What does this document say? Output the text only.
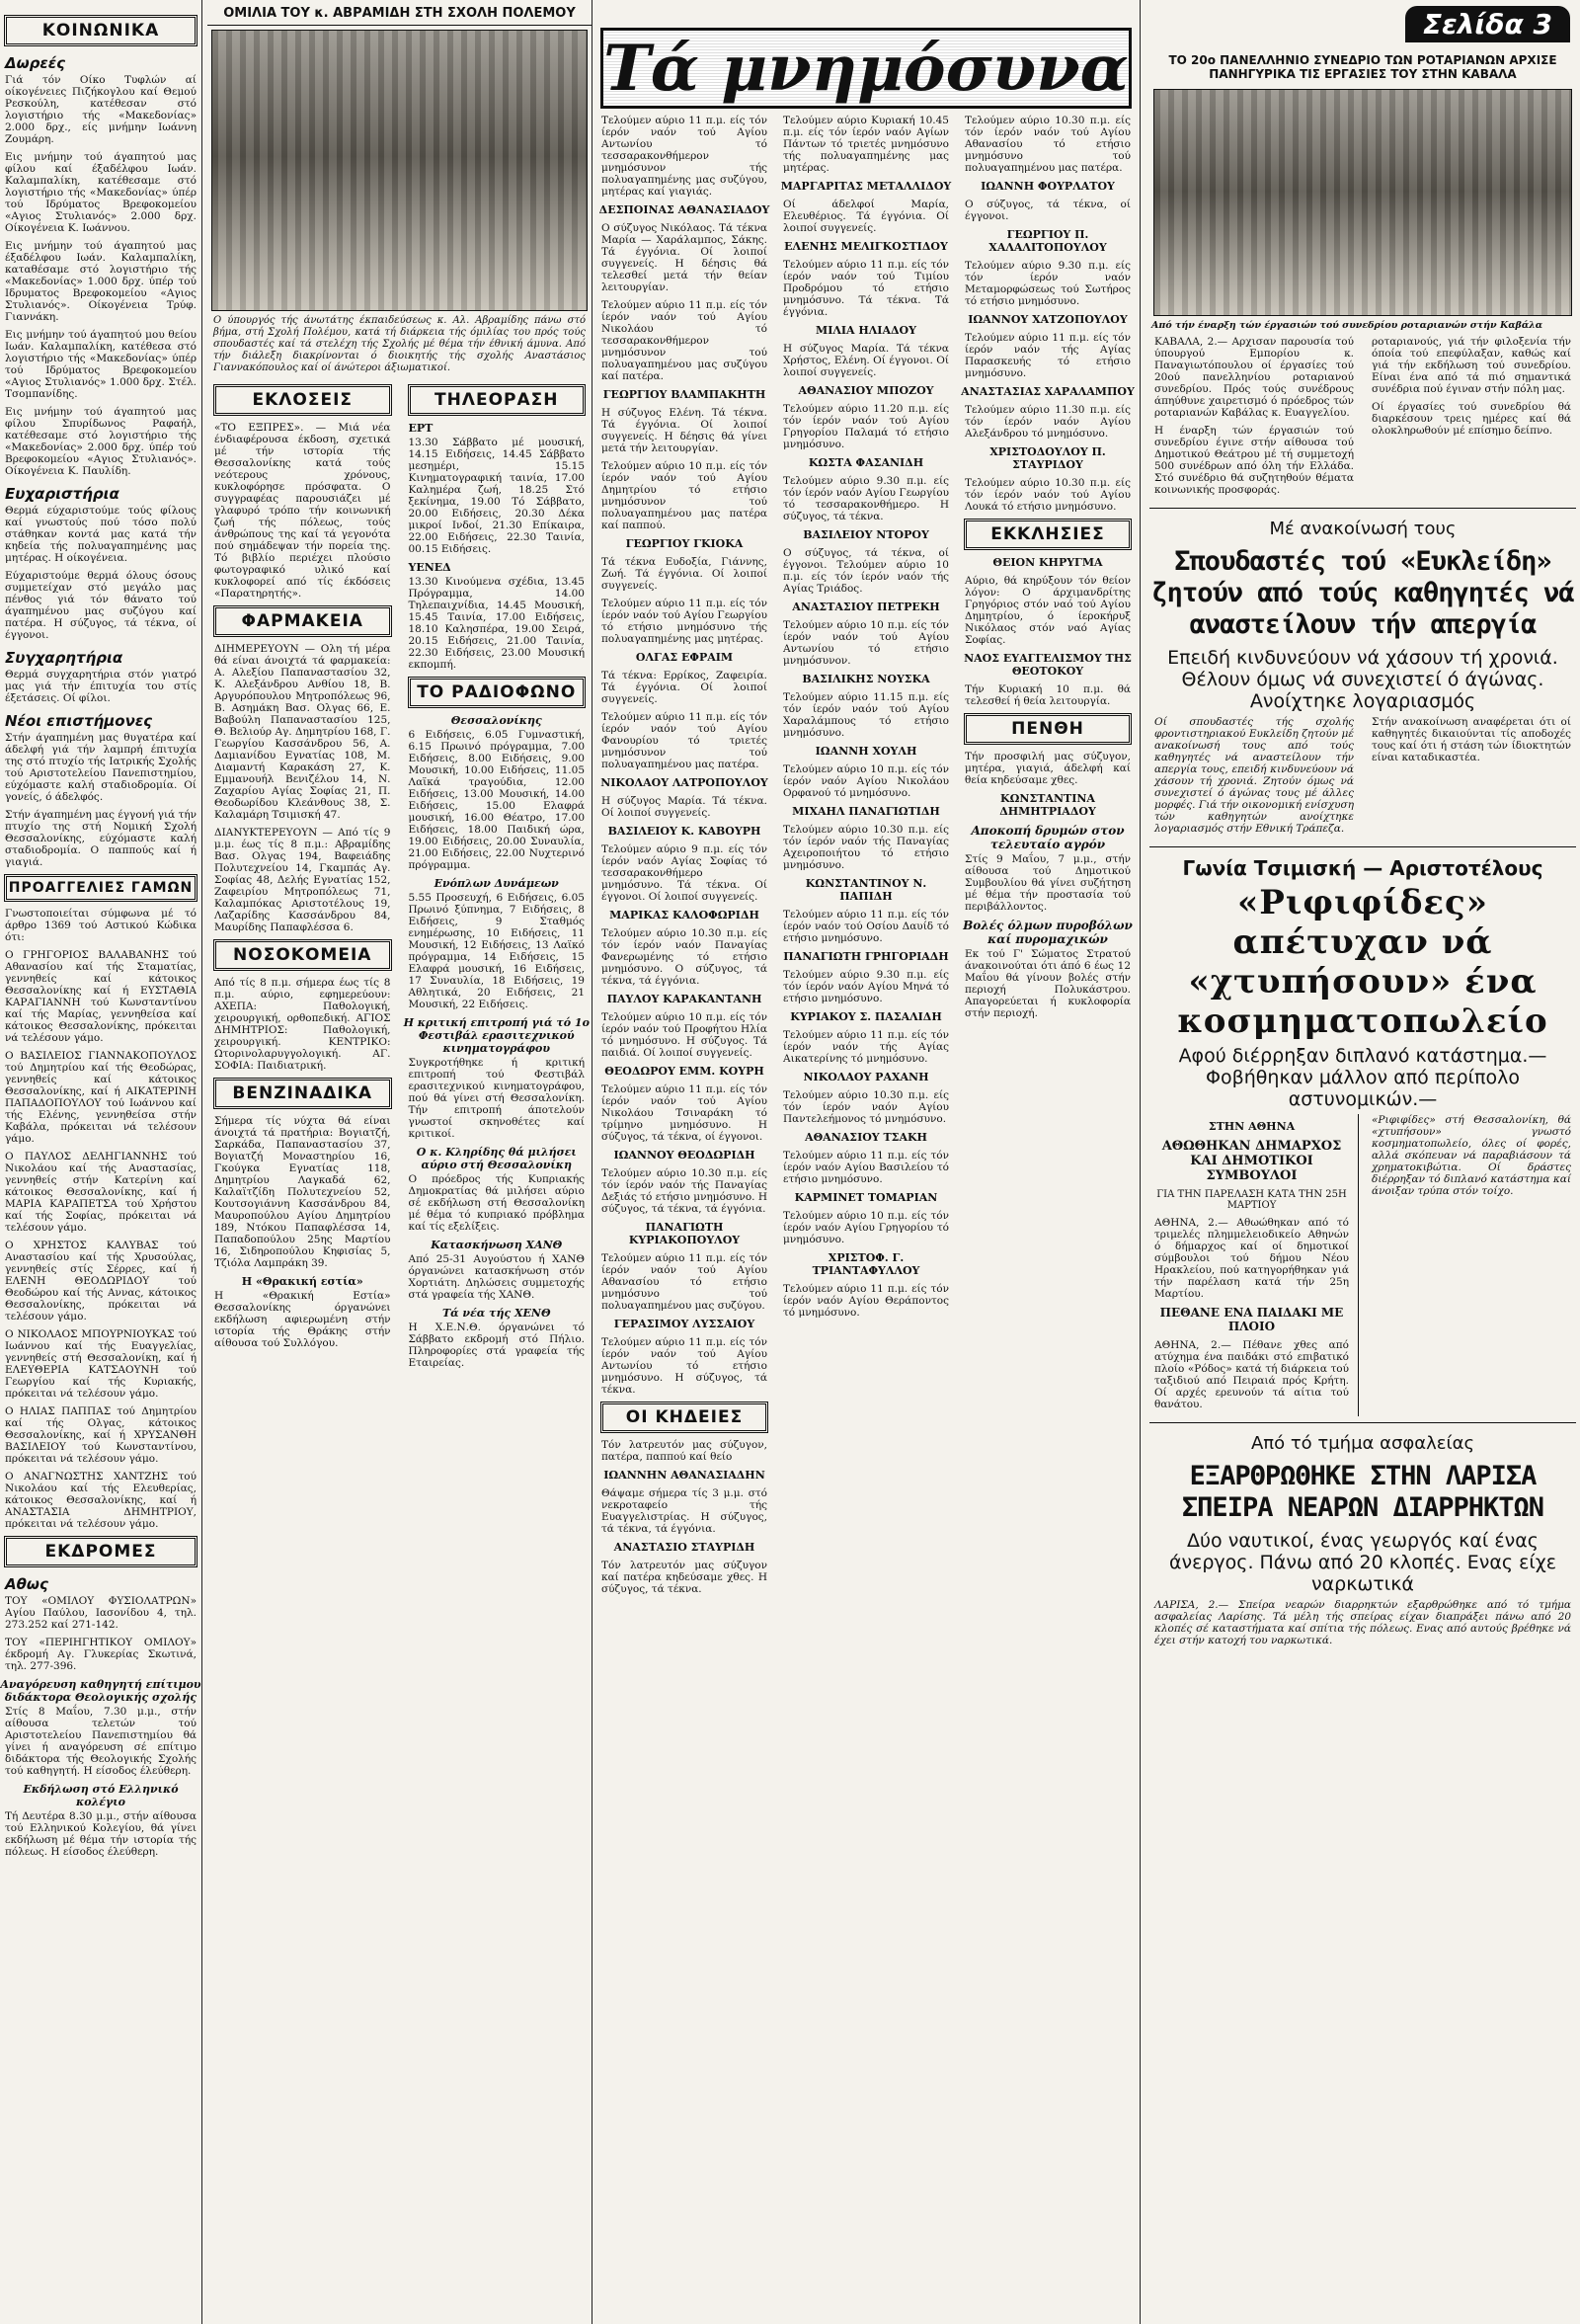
ΚΟΙΝΩΝΙΚΑ
Δωρεές

Γιά τόν Οίκο Τυφλών αί οίκογένειες Πιζήκογλου καί Θεμού Ρεσκούλη, κατέθεσαν στό λογιστήριο τής «Μακεδονίας» 2.000 δρχ., είς μνήμην Ιωάννη Ζουμάρη.

Εις μνήμην τού άγαπητού μας φίλου καί έξαδέλφου Ιωάν. Καλαμπαλίκη, κατέθεσαμε στό λογιστήριο τής «Μακεδονίας» ύπέρ τού Ιδρύματος Βρεφοκομείου «Αγιος Στυλιανός» 2.000 δρχ. Οίκογένεια Κ. Ιωάννου.

Εις μνήμην τού άγαπητού μας έξαδέλφου Ιωάν. Καλαμπαλίκη, καταθέσαμε στό λογιστήριο τής «Μακεδονίας» 1.000 δρχ. ύπέρ τού Ιδρυματος Βρεφοκομείου «Αγιος Στυλιανός». Οίκογένεια Τρύφ. Γιαννάκη.

Εις μνήμην τού άγαπητού μου θείου Ιωάν. Καλαμπαλίκη, κατέθεσα στό λογιστήριο τής «Μακεδονίας» ύπέρ τού Ιδρύματος Βρεφοκομείου «Αγιος Στυλιανός» 1.000 δρχ. Στέλ. Τσομπανίδης.

Εις μνήμην τού άγαπητού μας φίλου Σπυρίδωνος Ραφαήλ, κατέθεσαμε στό λογιστήριο τής «Μακεδονίας» 2.000 δρχ. ύπέρ τού Βρεφοκομείου «Αγιος Στυλιανός». Οίκογένεια Κ. Παυλίδη.

Ευχαριστήρια

Θερμά εύχαριστούμε τούς φίλους καί γνωστούς πού τόσο πολύ στάθηκαν κοντά μας κατά τήν κηδεία τής πολυαγαπημένης μας μητέρας. Η οίκογένεια.

Εύχαριστούμε θερμά όλους όσους συμμετείχαν στό μεγάλο μας πένθος γιά τόν θάνατο τού άγαπημένου μας συζύγου καί πατέρα. Η σύζυγος, τά τέκνα, οί έγγονοι.

Συγχαρητήρια

Θερμά συγχαρητήρια στόν γιατρό μας γιά τήν έπιτυχία του στίς έξετάσεις. Οί φίλοι.

Νέοι επιστήμονες

Στήν άγαπημένη μας θυγατέρα καί άδελφή γιά τήν λαμπρή έπιτυχία της στό πτυχίο τής Ιατρικής Σχολής τού Αριστοτελείου Πανεπιστημίου, εύχόμαστε καλή σταδιοδρομία. Οί γονείς, ό άδελφός.

Στήν άγαπημένη μας έγγονή γιά τήν πτυχίο της στή Νομική Σχολή Θεσσαλονίκης, εύχόμαστε καλή σταδιοδρομία. Ο παππούς καί ή γιαγιά.

ΠΡΟΑΓΓΕΛΙΕΣ ΓΑΜΩΝ

Γνωστοποιείται σύμφωνα μέ τό άρθρο 1369 τού Αστικού Κώδικα ότι:

Ο ΓΡΗΓΟΡΙΟΣ ΒΑΛΑΒΑΝΗΣ τού Αθανασίου καί τής Σταματίας, γεννηθείς καί κάτοικος Θεσσαλονίκης καί ή ΕΥΣΤΑΘΙΑ ΚΑΡΑΓΙΑΝΝΗ τού Κωνσταντίνου καί τής Μαρίας, γεννηθείσα καί κάτοικος Θεσσαλονίκης, πρόκειται νά τελέσουν γάμο.

Ο ΒΑΣΙΛΕΙΟΣ ΓΙΑΝΝΑΚΟΠΟΥΛΟΣ τού Δημητρίου καί τής Θεοδώρας, γεννηθείς καί κάτοικος Θεσσαλονίκης, καί ή ΑΙΚΑΤΕΡΙΝΗ ΠΑΠΑΔΟΠΟΥΛΟΥ τού Ιωάννου καί τής Ελένης, γεννηθείσα στήν Καβάλα, πρόκειται νά τελέσουν γάμο.

Ο ΠΑΥΛΟΣ ΔΕΛΗΓΙΑΝΝΗΣ τού Νικολάου καί τής Αναστασίας, γεννηθείς στήν Κατερίνη καί κάτοικος Θεσσαλονίκης, καί ή ΜΑΡΙΑ ΚΑΡΑΠΕΤΣΑ τού Χρήστου καί τής Σοφίας, πρόκειται νά τελέσουν γάμο.

Ο ΧΡΗΣΤΟΣ ΚΑΛΥΒΑΣ τού Αναστασίου καί τής Χρυσούλας, γεννηθείς στίς Σέρρες, καί ή ΕΛΕΝΗ ΘΕΟΔΩΡΙΔΟΥ τού Θεοδώρου καί τής Αννας, κάτοικος Θεσσαλονίκης, πρόκειται νά τελέσουν γάμο.

Ο ΝΙΚΟΛΑΟΣ ΜΠΟΥΡΝΙΟΥΚΑΣ τού Ιωάννου καί τής Ευαγγελίας, γεννηθείς στή Θεσσαλονίκη, καί ή ΕΛΕΥΘΕΡΙΑ ΚΑΤΣΑΟΥΝΗ τού Γεωργίου καί τής Κυριακής, πρόκειται νά τελέσουν γάμο.

Ο ΗΛΙΑΣ ΠΑΠΠΑΣ τού Δημητρίου καί τής Ολγας, κάτοικος Θεσσαλονίκης, καί ή ΧΡΥΣΑΝΘΗ ΒΑΣΙΛΕΙΟΥ τού Κωνσταντίνου, πρόκειται νά τελέσουν γάμο.

Ο ΑΝΑΓΝΩΣΤΗΣ ΧΑΝΤΖΗΣ τού Νικολάου καί τής Ελευθερίας, κάτοικος Θεσσαλονίκης, καί ή ΑΝΑΣΤΑΣΙΑ ΔΗΜΗΤΡΙΟΥ, πρόκειται νά τελέσουν γάμο.

ΕΚΔΡΟΜΕΣ
Αθως

ΤΟΥ «ΟΜΙΛΟΥ ΦΥΣΙΟΛΑΤΡΩΝ» Αγίου Παύλου, Ιασονίδου 4, τηλ. 273.252 καί 271-142.

ΤΟΥ «ΠΕΡΙΗΓΗΤΙΚΟΥ ΟΜΙΛΟΥ» έκδρομή Αγ. Γλυκερίας Σκωτινά, τηλ. 277-396.

Αναγόρευση καθηγητή επίτιμου διδάκτορα Θεολογικής σχολής

Στίς 8 Μαΐου, 7.30 μ.μ., στήν αίθουσα τελετών τού Αριστοτελείου Πανεπιστημίου θά γίνει ή αναγόρευση σέ επίτιμο διδάκτορα τής Θεολογικής Σχολής τού καθηγητή. Η είσοδος έλεύθερη.

Εκδήλωση στό Ελληνικό κολέγιο

Τή Δευτέρα 8.30 μ.μ., στήν αίθουσα τού Ελληνικού Κολεγίου, θά γίνει εκδήλωση μέ θέμα τήν ιστορία τής πόλεως. Η είσοδος έλεύθερη.

ΟΜΙΛΙΑ ΤΟΥ κ. ΑΒΡΑΜΙΔΗ ΣΤΗ ΣΧΟΛΗ ΠΟΛΕΜΟΥ

Ο ύπουργός τής άνωτάτης έκπαιδεύσεως κ. Αλ. Αβραμίδης πάνω στό βήμα, στή Σχολή Πολέμου, κατά τή διάρκεια τής όμιλίας του πρός τούς σπουδαστές καί τά στελέχη τής Σχολής μέ θέμα τήν έθνική άμυνα. Από τήν διάλεξη διακρίνονται ό διοικητής τής σχολής Αναστάσιος Γιαννακόπουλος καί οί άνώτεροι άξιωματικοί.

ΕΚΛΟΣΕΙΣ

«ΤΟ ΕΞΠΡΕΣ». — Μιά νέα ένδιαφέρουσα έκδοση, σχετικά μέ τήν ιστορία τής Θεσσαλονίκης κατά τούς νεότερους χρόνους, κυκλοφόρησε πρόσφατα. Ο συγγραφέας παρουσιάζει μέ γλαφυρό τρόπο τήν κοινωνική ζωή τής πόλεως, τούς άνθρώπους της καί τά γεγονότα πού σημάδεψαν τήν πορεία της. Τό βιβλίο περιέχει πλούσιο φωτογραφικό υλικό καί κυκλοφορεί από τίς έκδόσεις «Παρατηρητής».

ΦΑΡΜΑΚΕΙΑ

ΔΙΗΜΕΡΕΥΟΥΝ — Ολη τή μέρα θά είναι άνοιχτά τά φαρμακεία: Α. Αλεξίου Παπαναστασίου 32, Κ. Αλεξάνδρου Ανθίου 18, Β. Αργυρόπουλου Μητροπόλεως 96, Β. Ασημάκη Βασ. Ολγας 66, Ε. Βαβούλη Παπαναστασίου 125, Θ. Βελιούρ Αγ. Δημητρίου 168, Γ. Γεωργίου Κασσάνδρου 56, Α. Δαμιανίδου Εγνατίας 108, Μ. Διαμαντή Καρακάση 27, Κ. Εμμανουήλ Βενιζέλου 14, Ν. Ζαχαρίου Αγίας Σοφίας 21, Π. Θεοδωρίδου Κλεάνθους 38, Σ. Καλαμάρη Τσιμισκή 47.

ΔΙΑΝΥΚΤΕΡΕΥΟΥΝ — Από τίς 9 μ.μ. έως τίς 8 π.μ.: Αβραμίδης Βασ. Ολγας 194, Βαφειάδης Πολυτεχνείου 14, Γκαμπάς Αγ. Σοφίας 48, Δελής Εγνατίας 152, Ζαφειρίου Μητροπόλεως 71, Καλαμπόκας Αριστοτέλους 19, Λαζαρίδης Κασσάνδρου 84, Μαυρίδης Παπαφλέσσα 6.

ΝΟΣΟΚΟΜΕΙΑ

Από τίς 8 π.μ. σήμερα έως τίς 8 π.μ. αύριο, εφημερεύουν: ΑΧΕΠΑ: Παθολογική, χειρουργική, ορθοπεδική. ΑΓΙΟΣ ΔΗΜΗΤΡΙΟΣ: Παθολογική, χειρουργική. ΚΕΝΤΡΙΚΟ: Ωτορινολαρυγγολογική. ΑΓ. ΣΟΦΙΑ: Παιδιατρική.

ΒΕΝΖΙΝΑΔΙΚΑ

Σήμερα τίς νύχτα θά είναι άνοιχτά τά πρατήρια: Βογιατζή, Σαρκάδα, Παπαναστασίου 37, Βογιατζή Μοναστηρίου 16, Γκούγκα Εγνατίας 118, Δημητρίου Λαγκαδά 62, Καλαϊτζίδη Πολυτεχνείου 52, Κουτσογιάννη Κασσάνδρου 84, Μαυροπούλου Αγίου Δημητρίου 189, Ντόκου Παπαφλέσσα 14, Παπαδοπούλου 25ης Μαρτίου 16, Σιδηροπούλου Κηφισίας 5, Τζιόλα Λαμπράκη 39.

Η «Θρακική εστία»

Η «Θρακική Εστία» Θεσσαλονίκης όργανώνει εκδήλωση αφιερωμένη στήν ιστορία τής Θράκης στήν αίθουσα τού Συλλόγου.

ΤΗΛΕΟΡΑΣΗ
ΕΡΤ

13.30 Σάββατο μέ μουσική, 14.15 Ειδήσεις, 14.45 Σάββατο μεσημέρι, 15.15 Κινηματογραφική ταινία, 17.00 Καλημέρα ζωή, 18.25 Στό ξεκίνημα, 19.00 Τό Σάββατο, 20.00 Ειδήσεις, 20.30 Δέκα μικροί Ινδοί, 21.30 Επίκαιρα, 22.00 Ειδήσεις, 22.30 Ταινία, 00.15 Ειδήσεις.

ΥΕΝΕΔ

13.30 Κινούμενα σχέδια, 13.45 Πρόγραμμα, 14.00 Τηλεπαιχνίδια, 14.45 Μουσική, 15.45 Ταινία, 17.00 Ειδήσεις, 18.10 Καλησπέρα, 19.00 Σειρά, 20.15 Ειδήσεις, 21.00 Ταινία, 22.30 Ειδήσεις, 23.00 Μουσική εκπομπή.

ΤΟ ΡΑΔΙΟΦΩΝΟ
Θεσσαλονίκης

6 Ειδήσεις, 6.05 Γυμναστική, 6.15 Πρωινό πρόγραμμα, 7.00 Ειδήσεις, 8.00 Ειδήσεις, 9.00 Μουσική, 10.00 Ειδήσεις, 11.05 Λαϊκά τραγούδια, 12.00 Ειδήσεις, 13.00 Μουσική, 14.00 Ειδήσεις, 15.00 Ελαφρά μουσική, 16.00 Θέατρο, 17.00 Ειδήσεις, 18.00 Παιδική ώρα, 19.00 Ειδήσεις, 20.00 Συναυλία, 21.00 Ειδήσεις, 22.00 Νυχτερινό πρόγραμμα.

Ενόπλων Δυνάμεων

5.55 Προσευχή, 6 Ειδήσεις, 6.05 Πρωινό ξύπνημα, 7 Ειδήσεις, 8 Ειδήσεις, 9 Σταθμός ενημέρωσης, 10 Ειδήσεις, 11 Μουσική, 12 Ειδήσεις, 13 Λαϊκό πρόγραμμα, 14 Ειδήσεις, 15 Ελαφρά μουσική, 16 Ειδήσεις, 17 Συναυλία, 18 Ειδήσεις, 19 Αθλητικά, 20 Ειδήσεις, 21 Μουσική, 22 Ειδήσεις.

Η κριτική επιτροπή γιά τό 1ο Φεστιβάλ ερασιτεχνικού κινηματογράφου

Συγκροτήθηκε ή κριτική επιτροπή τού Φεστιβάλ ερασιτεχνικού κινηματογράφου, πού θά γίνει στή Θεσσαλονίκη. Τήν επιτροπή άποτελούν γνωστοί σκηνοθέτες καί κριτικοί.

Ο κ. Κληρίδης θά μιλήσει αύριο στή Θεσσαλονίκη

Ο πρόεδρος τής Κυπριακής Δημοκρατίας θά μιλήσει αύριο σέ εκδήλωση στή Θεσσαλονίκη μέ θέμα τό κυπριακό πρόβλημα καί τίς εξελίξεις.

Κατασκήνωση ΧΑΝΘ

Από 25-31 Αυγούστου ή ΧΑΝΘ όργανώνει κατασκήνωση στόν Χορτιάτη. Δηλώσεις συμμετοχής στά γραφεία τής ΧΑΝΘ.

Τά νέα τής ΧΕΝΘ

Η Χ.Ε.Ν.Θ. όργανώνει τό Σάββατο εκδρομή στό Πήλιο. Πληροφορίες στά γραφεία τής Εταιρείας.

Τά μνημόσυνα

Τελούμεν αύριο 11 π.μ. είς τόν ίερόν ναόν τού Αγίου Αντωνίου τό τεσσαρακονθήμερον μνημόσυνον τής πολυαγαπημένης μας συζύγου, μητέρας καί γιαγιάς.

ΔΕΣΠΟΙΝΑΣ ΑΘΑΝΑΣΙΑΔΟΥ

Ο σύζυγος Νικόλαος. Τά τέκνα Μαρία — Χαράλαμπος, Σάκης. Τά έγγόνια. Οί λοιποί συγγενείς. Η δέησις θά τελεσθεί μετά τήν θείαν λειτουργίαν.

Τελούμεν αύριο 11 π.μ. είς τόν ίερόν ναόν τού Αγίου Νικολάου τό τεσσαρακονθήμερον μνημόσυνον τού πολυαγαπημένου μας συζύγου καί πατέρα.

ΓΕΩΡΓΙΟΥ ΒΛΑΜΠΑΚΗΤΗ

Η σύζυγος Ελένη. Τά τέκνα. Τά έγγόνια. Οί λοιποί συγγενείς. Η δέησις θά γίνει μετά τήν λειτουργίαν.

Τελούμεν αύριο 10 π.μ. είς τόν ίερόν ναόν τού Αγίου Δημητρίου τό ετήσιο μνημόσυνον τού πολυαγαπημένου μας πατέρα καί παππού.

ΓΕΩΡΓΙΟΥ ΓΚΙΟΚΑ

Τά τέκνα Ευδοξία, Γιάννης, Ζωή. Τά έγγόνια. Οί λοιποί συγγενείς.

Τελούμεν αύριο 11 π.μ. είς τόν ίερόν ναόν τού Αγίου Γεωργίου τό ετήσιο μνημόσυνο τής πολυαγαπημένης μας μητέρας.

ΟΛΓΑΣ ΕΦΡΑΙΜ

Τά τέκνα: Ερρίκος, Ζαφειρία. Τά έγγόνια. Οί λοιποί συγγενείς.

Τελούμεν αύριο 11 π.μ. είς τόν ίερόν ναόν τού Αγίου Φανουρίου τό τριετές μνημόσυνον τού πολυαγαπημένου μας πατέρα.

ΝΙΚΟΛΑΟΥ ΛΑΤΡΟΠΟΥΛΟΥ

Η σύζυγος Μαρία. Τά τέκνα. Οί λοιποί συγγενείς.

ΒΑΣΙΛΕΙΟΥ Κ. ΚΑΒΟΥΡΗ

Τελούμεν αύριο 9 π.μ. είς τόν ίερόν ναόν Αγίας Σοφίας τό τεσσαρακονθήμερο μνημόσυνο. Τά τέκνα. Οί έγγονοι. Οί λοιποί συγγενείς.

ΜΑΡΙΚΑΣ ΚΑΛΟΦΩΡΙΔΗ

Τελούμεν αύριο 10.30 π.μ. είς τόν ίερόν ναόν Παναγίας Φανερωμένης τό ετήσιο μνημόσυνο. Ο σύζυγος, τά τέκνα, τά έγγόνια.

ΠΑΥΛΟΥ ΚΑΡΑΚΑΝΤΑΝΗ

Τελούμεν αύριο 10 π.μ. είς τόν ίερόν ναόν τού Προφήτου Ηλία τό μνημόσυνο. Η σύζυγος. Τά παιδιά. Οί λοιποί συγγενείς.

ΘΕΟΔΩΡΟΥ ΕΜΜ. ΚΟΥΡΗ

Τελούμεν αύριο 11 π.μ. είς τόν ίερόν ναόν τού Αγίου Νικολάου Τσιναράκη τό τρίμηνο μνημόσυνο. Η σύζυγος, τά τέκνα, οί έγγονοι.

ΙΩΑΝΝΟΥ ΘΕΟΔΩΡΙΔΗ

Τελούμεν αύριο 10.30 π.μ. είς τόν ίερόν ναόν τής Παναγίας Δεξιάς τό ετήσιο μνημόσυνο. Η σύζυγος, τά τέκνα, τά έγγόνια.

ΠΑΝΑΓΙΩΤΗ ΚΥΡΙΑΚΟΠΟΥΛΟΥ

Τελούμεν αύριο 11 π.μ. είς τόν ίερόν ναόν τού Αγίου Αθανασίου τό ετήσιο μνημόσυνο τού πολυαγαπημένου μας συζύγου.

ΓΕΡΑΣΙΜΟΥ ΛΥΣΣΑΙΟΥ

Τελούμεν αύριο 11 π.μ. είς τόν ίερόν ναόν τού Αγίου Αντωνίου τό ετήσιο μνημόσυνο. Η σύζυγος, τά τέκνα.

ΟΙ ΚΗΔΕΙΕΣ

Τόν λατρευτόν μας σύζυγον, πατέρα, παππού καί θείο

ΙΩΑΝΝΗΝ ΑΘΑΝΑΣΙΑΔΗΝ

Θάψαμε σήμερα τίς 3 μ.μ. στό νεκροταφείο τής Ευαγγελιστρίας. Η σύζυγος, τά τέκνα, τά έγγόνια.

ΑΝΑΣΤΑΣΙΟ ΣΤΑΥΡΙΔΗ

Τόν λατρευτόν μας σύζυγον καί πατέρα κηδεύσαμε χθες. Η σύζυγος, τά τέκνα.

Τελούμεν αύριο Κυριακή 10.45 π.μ. είς τόν ίερόν ναόν Αγίων Πάντων τό τριετές μνημόσυνο τής πολυαγαπημένης μας μητέρας.

ΜΑΡΓΑΡΙΤΑΣ ΜΕΤΑΛΛΙΔΟΥ

Οί άδελφοί Μαρία, Ελευθέριος. Τά έγγόνια. Οί λοιποί συγγενείς.

ΕΛΕΝΗΣ ΜΕΛΙΓΚΟΣΤΙΔΟΥ

Τελούμεν αύριο 11 π.μ. είς τόν ίερόν ναόν τού Τιμίου Προδρόμου τό ετήσιο μνημόσυνο. Τά τέκνα. Τά έγγόνια.

ΜΙΛΙΑ ΗΛΙΑΔΟΥ

Η σύζυγος Μαρία. Τά τέκνα Χρήστος, Ελένη. Οί έγγονοι. Οί λοιποί συγγενείς.

ΑΘΑΝΑΣΙΟΥ ΜΠΟΖΟΥ

Τελούμεν αύριο 11.20 π.μ. είς τόν ίερόν ναόν τού Αγίου Γρηγορίου Παλαμά τό ετήσιο μνημόσυνο.

ΚΩΣΤΑ ΦΑΣΑΝΙΔΗ

Τελούμεν αύριο 9.30 π.μ. είς τόν ίερόν ναόν Αγίου Γεωργίου τό τεσσαρακονθήμερο. Η σύζυγος, τά τέκνα.

ΒΑΣΙΛΕΙΟΥ ΝΤΟΡΟΥ

Ο σύζυγος, τά τέκνα, οί έγγονοι. Τελούμεν αύριο 10 π.μ. είς τόν ίερόν ναόν τής Αγίας Τριάδος.

ΑΝΑΣΤΑΣΙΟΥ ΠΕΤΡΕΚΗ

Τελούμεν αύριο 10 π.μ. είς τόν ίερόν ναόν τού Αγίου Αντωνίου τό ετήσιο μνημόσυνον.

ΒΑΣΙΛΙΚΗΣ ΝΟΥΣΚΑ

Τελούμεν αύριο 11.15 π.μ. είς τόν ίερόν ναόν τού Αγίου Χαραλάμπους τό ετήσιο μνημόσυνο.

ΙΩΑΝΝΗ ΧΟΥΛΗ

Τελούμεν αύριο 10 π.μ. είς τόν ίερόν ναόν Αγίου Νικολάου Ορφανού τό μνημόσυνο.

ΜΙΧΑΗΛ ΠΑΝΑΓΙΩΤΙΔΗ

Τελούμεν αύριο 10.30 π.μ. είς τόν ίερόν ναόν τής Παναγίας Αχειροποιήτου τό ετήσιο μνημόσυνο.

ΚΩΝΣΤΑΝΤΙΝΟΥ Ν. ΠΑΠΙΔΗ

Τελούμεν αύριο 11 π.μ. είς τόν ίερόν ναόν τού Οσίου Δαυίδ τό ετήσιο μνημόσυνο.

ΠΑΝΑΓΙΩΤΗ ΓΡΗΓΟΡΙΑΔΗ

Τελούμεν αύριο 9.30 π.μ. είς τόν ίερόν ναόν Αγίου Μηνά τό ετήσιο μνημόσυνο.

ΚΥΡΙΑΚΟΥ Σ. ΠΑΣΑΛΙΔΗ

Τελούμεν αύριο 11 π.μ. είς τόν ίερόν ναόν τής Αγίας Αικατερίνης τό μνημόσυνο.

ΝΙΚΟΛΑΟΥ ΡΑΧΑΝΗ

Τελούμεν αύριο 10.30 π.μ. είς τόν ίερόν ναόν Αγίου Παντελεήμονος τό μνημόσυνο.

ΑΘΑΝΑΣΙΟΥ ΤΣΑΚΗ

Τελούμεν αύριο 11 π.μ. είς τόν ίερόν ναόν Αγίου Βασιλείου τό ετήσιο μνημόσυνο.

ΚΑΡΜΙΝΕΤ ΤΟΜΑΡΙΑΝ

Τελούμεν αύριο 10 π.μ. είς τόν ίερόν ναόν Αγίου Γρηγορίου τό μνημόσυνο.

ΧΡΙΣΤΟΦ. Γ. ΤΡΙΑΝΤΑΦΥΛΛΟΥ

Τελούμεν αύριο 11 π.μ. είς τόν ίερόν ναόν Αγίου Θεράποντος τό μνημόσυνο.

Τελούμεν αύριο 10.30 π.μ. είς τόν ίερόν ναόν τού Αγίου Αθανασίου τό ετήσιο μνημόσυνο τού πολυαγαπημένου μας πατέρα.

ΙΩΑΝΝΗ ΦΟΥΡΛΑΤΟΥ

Ο σύζυγος, τά τέκνα, οί έγγονοι.

ΓΕΩΡΓΙΟΥ Π. ΧΑΛΑΛΙΤΟΠΟΥΛΟΥ

Τελούμεν αύριο 9.30 π.μ. είς τόν ίερόν ναόν Μεταμορφώσεως τού Σωτήρος τό ετήσιο μνημόσυνο.

ΙΩΑΝΝΟΥ ΧΑΤΖΟΠΟΥΛΟΥ

Τελούμεν αύριο 11 π.μ. είς τόν ίερόν ναόν τής Αγίας Παρασκευής τό ετήσιο μνημόσυνο.

ΑΝΑΣΤΑΣΙΑΣ ΧΑΡΑΛΑΜΠΟΥ

Τελούμεν αύριο 11.30 π.μ. είς τόν ίερόν ναόν Αγίου Αλεξάνδρου τό μνημόσυνο.

ΧΡΙΣΤΟΔΟΥΛΟΥ Π. ΣΤΑΥΡΙΔΟΥ

Τελούμεν αύριο 10.30 π.μ. είς τόν ίερόν ναόν τού Αγίου Λουκά τό ετήσιο μνημόσυνο.

ΕΚΚΛΗΣΙΕΣ
ΘΕΙΟΝ ΚΗΡΥΓΜΑ

Αύριο, θά κηρύξουν τόν θείον λόγον: Ο άρχιμανδρίτης Γρηγόριος στόν ναό τού Αγίου Δημητρίου, ό ίεροκήρυξ Νικόλαος στόν ναό Αγίας Σοφίας.

ΝΑΟΣ ΕΥΑΓΓΕΛΙΣΜΟΥ ΤΗΣ ΘΕΟΤΟΚΟΥ

Τήν Κυριακή 10 π.μ. θά τελεσθεί ή θεία λειτουργία.

ΠΕΝΘΗ

Τήν προσφιλή μας σύζυγον, μητέρα, γιαγιά, άδελφή καί θεία κηδεύσαμε χθες.

ΚΩΝΣΤΑΝΤΙΝΑ ΔΗΜΗΤΡΙΑΔΟΥ
Αποκοπή δρυμών στον τελευταίο αγρόν

Στίς 9 Μαΐου, 7 μ.μ., στήν αίθουσα τού Δημοτικού Συμβουλίου θά γίνει συζήτηση μέ θέμα τήν προστασία τού περιβάλλοντος.

Βολές όλμων πυροβόλων καί πυρομαχικών

Εκ τού Γ' Σώματος Στρατού άνακοινούται ότι άπό 6 έως 12 Μαΐου θά γίνουν βολές στήν περιοχή Πολυκάστρου. Απαγορεύεται ή κυκλοφορία στήν περιοχή.

Σελίδα 3
ΤΟ 20ο ΠΑΝΕΛΛΗΝΙΟ ΣΥΝΕΔΡΙΟ ΤΩΝ ΡΟΤΑΡΙΑΝΩΝ ΑΡΧΙΣΕ ΠΑΝΗΓΥΡΙΚΑ ΤΙΣ ΕΡΓΑΣΙΕΣ ΤΟΥ ΣΤΗΝ ΚΑΒΑΛΑ

Από τήν έναρξη τών έργασιών τού συνεδρίου ροταριανών στήν Καβάλα

ΚΑΒΑΛΑ, 2.— Αρχισαν παρουσία τού ύπουργού Εμπορίου κ. Παναγιωτόπουλου οί έργασίες τού 20ού πανελληνίου ροταριανού συνεδρίου. Πρός τούς συνέδρους άπηύθυνε χαιρετισμό ό πρόεδρος τών ροταριανών Καβάλας κ. Ευαγγελίου.

Η έναρξη τών έργασιών τού συνεδρίου έγινε στήν αίθουσα τού Δημοτικού Θεάτρου μέ τή συμμετοχή 500 συνέδρων από όλη τήν Ελλάδα. Στό συνέδριο θά συζητηθούν θέματα κοινωνικής προσφοράς.

ροταριανούς, γιά τήν φιλοξενία τήν όποία τού επεφύλαξαν, καθώς καί γιά τήν εκδήλωση τού συνεδρίου. Είναι ένα από τά πιό σημαντικά συνέδρια πού έγιναν στήν πόλη μας.

Οί έργασίες τού συνεδρίου θά διαρκέσουν τρεις ημέρες καί θά ολοκληρωθούν μέ επίσημο δείπνο.

Μέ ανακοίνωσή τους
Σπουδαστές τού «Ευκλείδη» ζητούν από τούς καθηγητές νά αναστείλουν τήν απεργία
Επειδή κινδυνεύουν νά χάσουν τή χρονιά. Θέλουν όμως νά συνεχιστεί ό άγώνας. Ανοίχτηκε λογαριασμός

Οί σπουδαστές τής σχολής φροντιστηριακού Ευκλείδη ζητούν μέ ανακοίνωσή τους από τούς καθηγητές νά αναστείλουν τήν απεργία τους, επειδή κινδυνεύουν νά χάσουν τή χρονιά. Ζητούν όμως νά συνεχιστεί ό άγώνας τους μέ άλλες μορφές. Γιά τήν οικονομική ενίσχυση τών καθηγητών ανοίχτηκε λογαριασμός στήν Εθνική Τράπεζα.

Στήν ανακοίνωση αναφέρεται ότι οί καθηγητές δικαιούνται τίς αποδοχές τους καί ότι ή στάση τών ίδιοκτητών είναι καταδικαστέα.

Γωνία Τσιμισκή — Αριστοτέλους
«Ριφιφίδες» απέτυχαν νά «χτυπήσουν» ένα κοσμηματοπωλείο
Αφού διέρρηξαν διπλανό κατάστημα.— Φοβήθηκαν μάλλον από περίπολο αστυνομικών.—
ΣΤΗΝ ΑΘΗΝΑ
ΑΘΩΘΗΚΑΝ ΔΗΜΑΡΧΟΣ ΚΑΙ ΔΗΜΟΤΙΚΟΙ ΣΥΜΒΟΥΛΟΙ
ΓΙΑ ΤΗΝ ΠΑΡΕΛΑΣΗ ΚΑΤΑ ΤΗΝ 25Η ΜΑΡΤΙΟΥ

ΑΘΗΝΑ, 2.— Αθωώθηκαν από τό τριμελές πλημμελειοδικείο Αθηνών ό δήμαρχος καί οί δημοτικοί σύμβουλοι τού δήμου Νέου Ηρακλείου, πού κατηγορήθηκαν γιά τήν παρέλαση κατά τήν 25η Μαρτίου.

ΠΕΘΑΝΕ ΕΝΑ ΠΑΙΔΑΚΙ ΜΕ ΠΛΟΙΟ

ΑΘΗΝΑ, 2.— Πέθανε χθες από ατύχημα ένα παιδάκι στό επιβατικό πλοίο «Ρόδος» κατά τή διάρκεια τού ταξιδιού από Πειραιά πρός Κρήτη. Οί αρχές ερευνούν τά αίτια τού θανάτου.

«Ριφιφίδες» στή Θεσσαλονίκη, θά «χτυπήσουν» γνωστό κοσμηματοπωλείο, όλες οί φορές, αλλά σκόπευαν νά παραβιάσουν τά χρηματοκιβώτια. Οί δράστες διέρρηξαν τό διπλανό κατάστημα καί άνοιξαν τρύπα στόν τοίχο.

Από τό τμήμα ασφαλείας
ΕΞΑΡΘΡΩΘΗΚΕ ΣΤΗΝ ΛΑΡΙΣΑ ΣΠΕΙΡΑ ΝΕΑΡΩΝ ΔΙΑΡΡΗΚΤΩΝ
Δύο ναυτικοί, ένας γεωργός καί ένας άνεργος. Πάνω από 20 κλοπές. Ενας είχε ναρκωτικά

ΛΑΡΙΣΑ, 2.— Σπείρα νεαρών διαρρηκτών εξαρθρώθηκε από τό τμήμα ασφαλείας Λαρίσης. Τά μέλη τής σπείρας είχαν διαπράξει πάνω από 20 κλοπές σέ καταστήματα καί σπίτια τής πόλεως. Ενας από αυτούς βρέθηκε νά έχει στήν κατοχή του ναρκωτικά.
